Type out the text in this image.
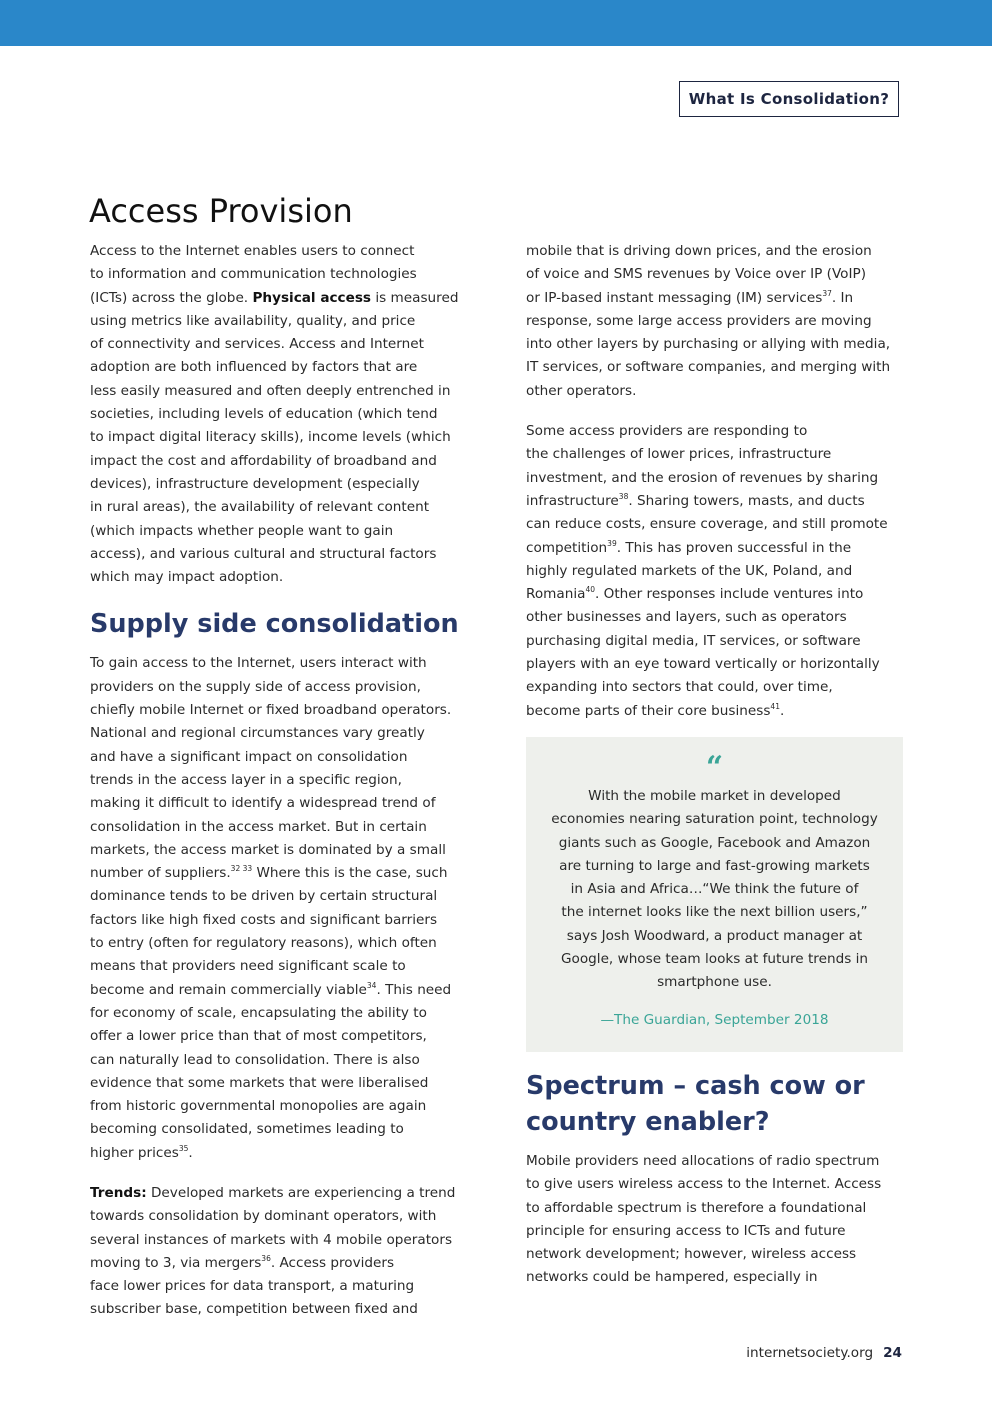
What Is Consolidation?
Access Provision
Access to the Internet enables users to connect
to information and communication technologies
(ICTs) across the globe. Physical access is measured
using metrics like availability, quality, and price
of connectivity and services. Access and Internet
adoption are both influenced by factors that are
less easily measured and often deeply entrenched in
societies, including levels of education (which tend
to impact digital literacy skills), income levels (which
impact the cost and affordability of broadband and
devices), infrastructure development (especially
in rural areas), the availability of relevant content
(which impacts whether people want to gain
access), and various cultural and structural factors
which may impact adoption.
Supply side consolidation
To gain access to the Internet, users interact with
providers on the supply side of access provision,
chiefly mobile Internet or fixed broadband operators.
National and regional circumstances vary greatly
and have a significant impact on consolidation
trends in the access layer in a specific region,
making it difficult to identify a widespread trend of
consolidation in the access market. But in certain
markets, the access market is dominated by a small
number of suppliers.$^{32 33}$ Where this is the case, such
dominance tends to be driven by certain structural
factors like high fixed costs and significant barriers
to entry (often for regulatory reasons), which often
means that providers need significant scale to
become and remain commercially viable$^{34}$. This need
for economy of scale, encapsulating the ability to
offer a lower price than that of most competitors,
can naturally lead to consolidation. There is also
evidence that some markets that were liberalised
from historic governmental monopolies are again
becoming consolidated, sometimes leading to
higher prices$^{35}$.
Trends: Developed markets are experiencing a trend
towards consolidation by dominant operators, with
several instances of markets with 4 mobile operators
moving to 3, via mergers$^{36}$. Access providers
face lower prices for data transport, a maturing
subscriber base, competition between fixed and
mobile that is driving down prices, and the erosion
of voice and SMS revenues by Voice over IP (VoIP)
or IP-based instant messaging (IM) services$^{37}$. In
response, some large access providers are moving
into other layers by purchasing or allying with media,
IT services, or software companies, and merging with
other operators.
Some access providers are responding to
the challenges of lower prices, infrastructure
investment, and the erosion of revenues by sharing
infrastructure$^{38}$. Sharing towers, masts, and ducts
can reduce costs, ensure coverage, and still promote
competition$^{39}$. This has proven successful in the
highly regulated markets of the UK, Poland, and
Romania$^{40}$. Other responses include ventures into
other businesses and layers, such as operators
purchasing digital media, IT services, or software
players with an eye toward vertically or horizontally
expanding into sectors that could, over time,
become parts of their core business$^{41}$.
“
With the mobile market in developed
economies nearing saturation point, technology
giants such as Google, Facebook and Amazon
are turning to large and fast-growing markets
in Asia and Africa…“We think the future of
the internet looks like the next billion users,”
says Josh Woodward, a product manager at
Google, whose team looks at future trends in
smartphone use.
—The Guardian, September 2018
Spectrum – cash cow or
country enabler?
Mobile providers need allocations of radio spectrum
to give users wireless access to the Internet. Access
to affordable spectrum is therefore a foundational
principle for ensuring access to ICTs and future
network development; however, wireless access
networks could be hampered, especially in
internetsociety.org 24
